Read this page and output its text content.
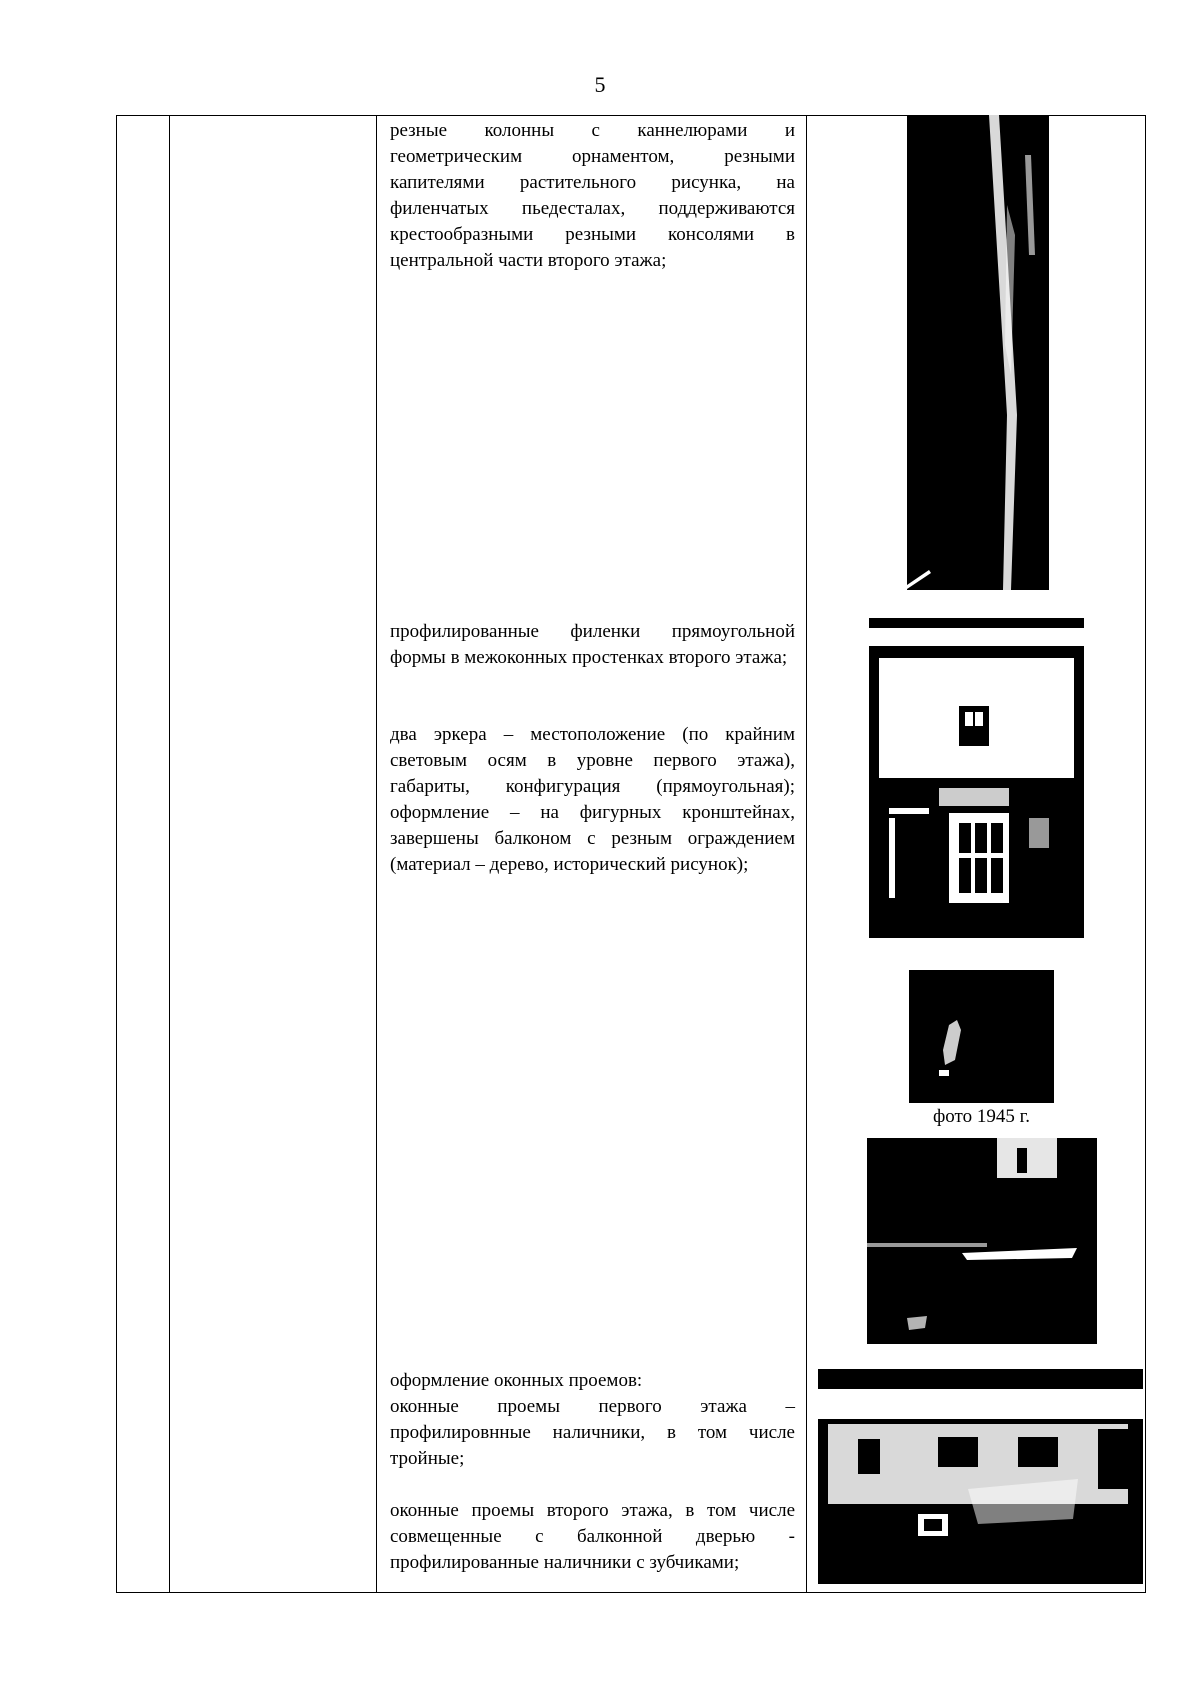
5
резные колонны с каннелюрами и геометрическим орнаментом, резными капителями растительного рисунка, на филенчатых пьедесталах, поддерживаются крестообразными резными консолями в центральной части второго этажа;
профилированные филенки прямоугольной формы в межоконных простенках второго этажа;
два эркера – местоположение (по крайним световым осям в уровне первого этажа), габариты, конфигурация (прямоугольная); оформление – на фигурных кронштейнах, завершены балконом с резным ограждением (материал – дерево, исторический рисунок);
оформление оконных проемов:
оконные проемы первого этажа – профилировнные наличники, в том числе тройные;
оконные проемы второго этажа, в том числе совмещенные с балконной дверью - профилированные наличники с зубчиками;
фото 1945 г.
